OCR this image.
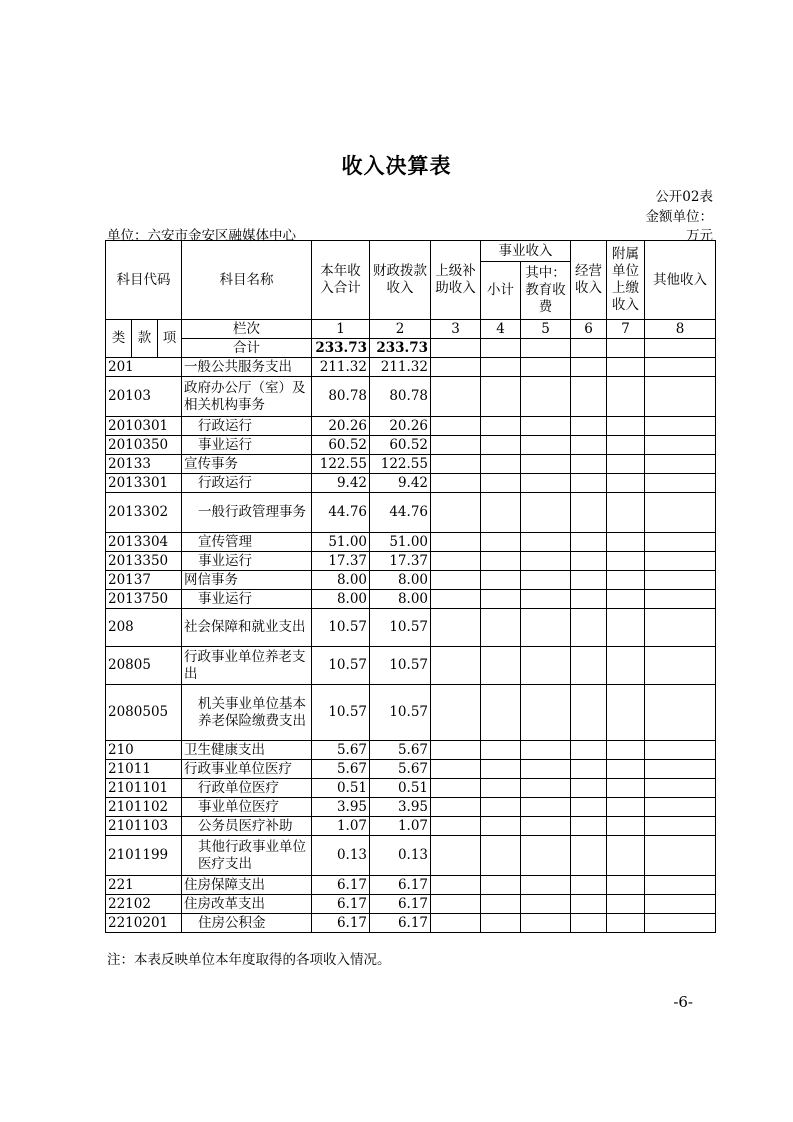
收入决算表
公开02表
金额单位：
万元
单位：六安市金安区融媒体中心
科目代码			科目名称	本年收入合计	财政拨款收入	上级补助收入	事业收入		经营收入	附属单位上缴收入	其他收入
							小计	其中：教育收费			

类	款	项	栏次	1	2	3	4	5	6	7	8
			合计	233.73	233.73						
201			一般公共服务支出	211.32	211.32						
20103			政府办公厅（室）及相关机构事务	80.78	80.78						
2010301			行政运行	20.26	20.26						
2010350			事业运行	60.52	60.52						
20133			宣传事务	122.55	122.55						
2013301			行政运行	9.42	9.42						
2013302			一般行政管理事务	44.76	44.76						
2013304			宣传管理	51.00	51.00						
2013350			事业运行	17.37	17.37						
20137			网信事务	8.00	8.00						
2013750			事业运行	8.00	8.00						
208			社会保障和就业支出	10.57	10.57						
20805			行政事业单位养老支出	10.57	10.57						
2080505			机关事业单位基本养老保险缴费支出	10.57	10.57						
210			卫生健康支出	5.67	5.67						
21011			行政事业单位医疗	5.67	5.67						
2101101			行政单位医疗	0.51	0.51						
2101102			事业单位医疗	3.95	3.95						
2101103			公务员医疗补助	1.07	1.07						
2101199			其他行政事业单位医疗支出	0.13	0.13						
221			住房保障支出	6.17	6.17						
22102			住房改革支出	6.17	6.17						
2210201			住房公积金	6.17	6.17						
注：本表反映单位本年度取得的各项收入情况。
-6-
